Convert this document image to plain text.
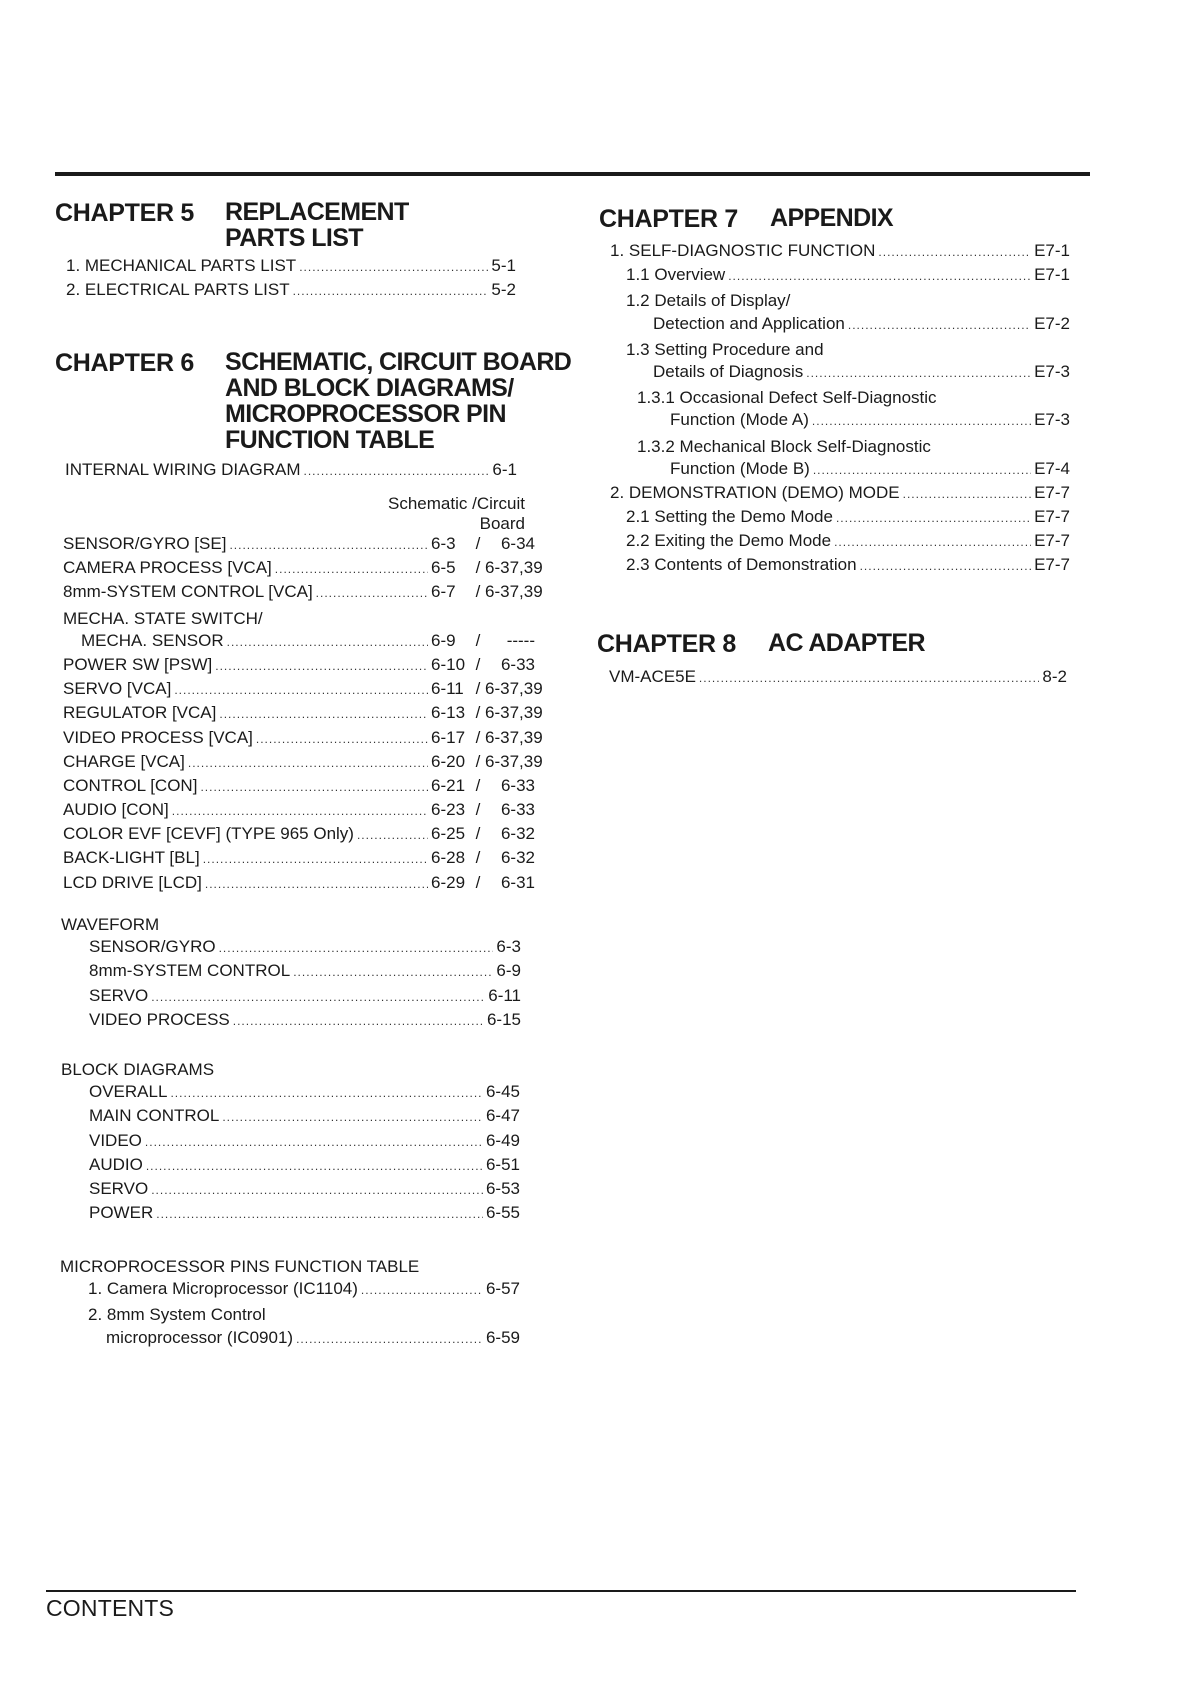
CHAPTER 5 REPLACEMENT
PARTS LIST
1. MECHANICAL PARTS LIST .....	5-1
2. ELECTRICAL PARTS LIST .....	5-2
CHAPTER 6 SCHEMATIC, CIRCUIT BOARD
AND BLOCK DIAGRAMS/
MICROPROCESSOR PIN
FUNCTION TABLE
INTERNAL WIRING DIAGRAM .....	6-1
Schematic /Circuit
Board
SENSOR/GYRO [SE] .....	6-3 / 6-34
CAMERA PROCESS [VCA] .....	6-5 / 6-37,39
8mm-SYSTEM CONTROL [VCA] .....	6-7 / 6-37,39
MECHA. STATE SWITCH/
MECHA. SENSOR .....	6-9 / -----
POWER SW [PSW] .....	6-10 / 6-33
SERVO [VCA] .....	6-11 / 6-37,39
REGULATOR [VCA] .....	6-13 / 6-37,39
VIDEO PROCESS [VCA] .....	6-17 / 6-37,39
CHARGE [VCA] .....	6-20 / 6-37,39
CONTROL [CON] .....	6-21 / 6-33
AUDIO [CON] .....	6-23 / 6-33
COLOR EVF [CEVF] (TYPE 965 Only) .....	6-25 / 6-32
BACK-LIGHT [BL] .....	6-28 / 6-32
LCD DRIVE [LCD] .....	6-29 / 6-31
WAVEFORM
SENSOR/GYRO .....	6-3
8mm-SYSTEM CONTROL .....	6-9
SERVO .....	6-11
VIDEO PROCESS .....	6-15
BLOCK DIAGRAMS
OVERALL .....	6-45
MAIN CONTROL .....	6-47
VIDEO .....	6-49
AUDIO .....	6-51
SERVO .....	6-53
POWER .....	6-55
MICROPROCESSOR PINS FUNCTION TABLE
1. Camera Microprocessor (IC1104) .....	6-57
2. 8mm System Control
microprocessor (IC0901) .....	6-59
CHAPTER 7 APPENDIX
1. SELF-DIAGNOSTIC FUNCTION .....	E7-1
1.1 Overview .....	E7-1
1.2 Details of Display/
Detection and Application .....	E7-2
1.3 Setting Procedure and
Details of Diagnosis .....	E7-3
1.3.1 Occasional Defect Self-Diagnostic
Function (Mode A) .....	E7-3
1.3.2 Mechanical Block Self-Diagnostic
Function (Mode B) .....	E7-4
2. DEMONSTRATION (DEMO) MODE .....	E7-7
2.1 Setting the Demo Mode .....	E7-7
2.2 Exiting the Demo Mode .....	E7-7
2.3 Contents of Demonstration .....	E7-7
CHAPTER 8 AC ADAPTER
VM-ACE5E .....	8-2
CONTENTS
